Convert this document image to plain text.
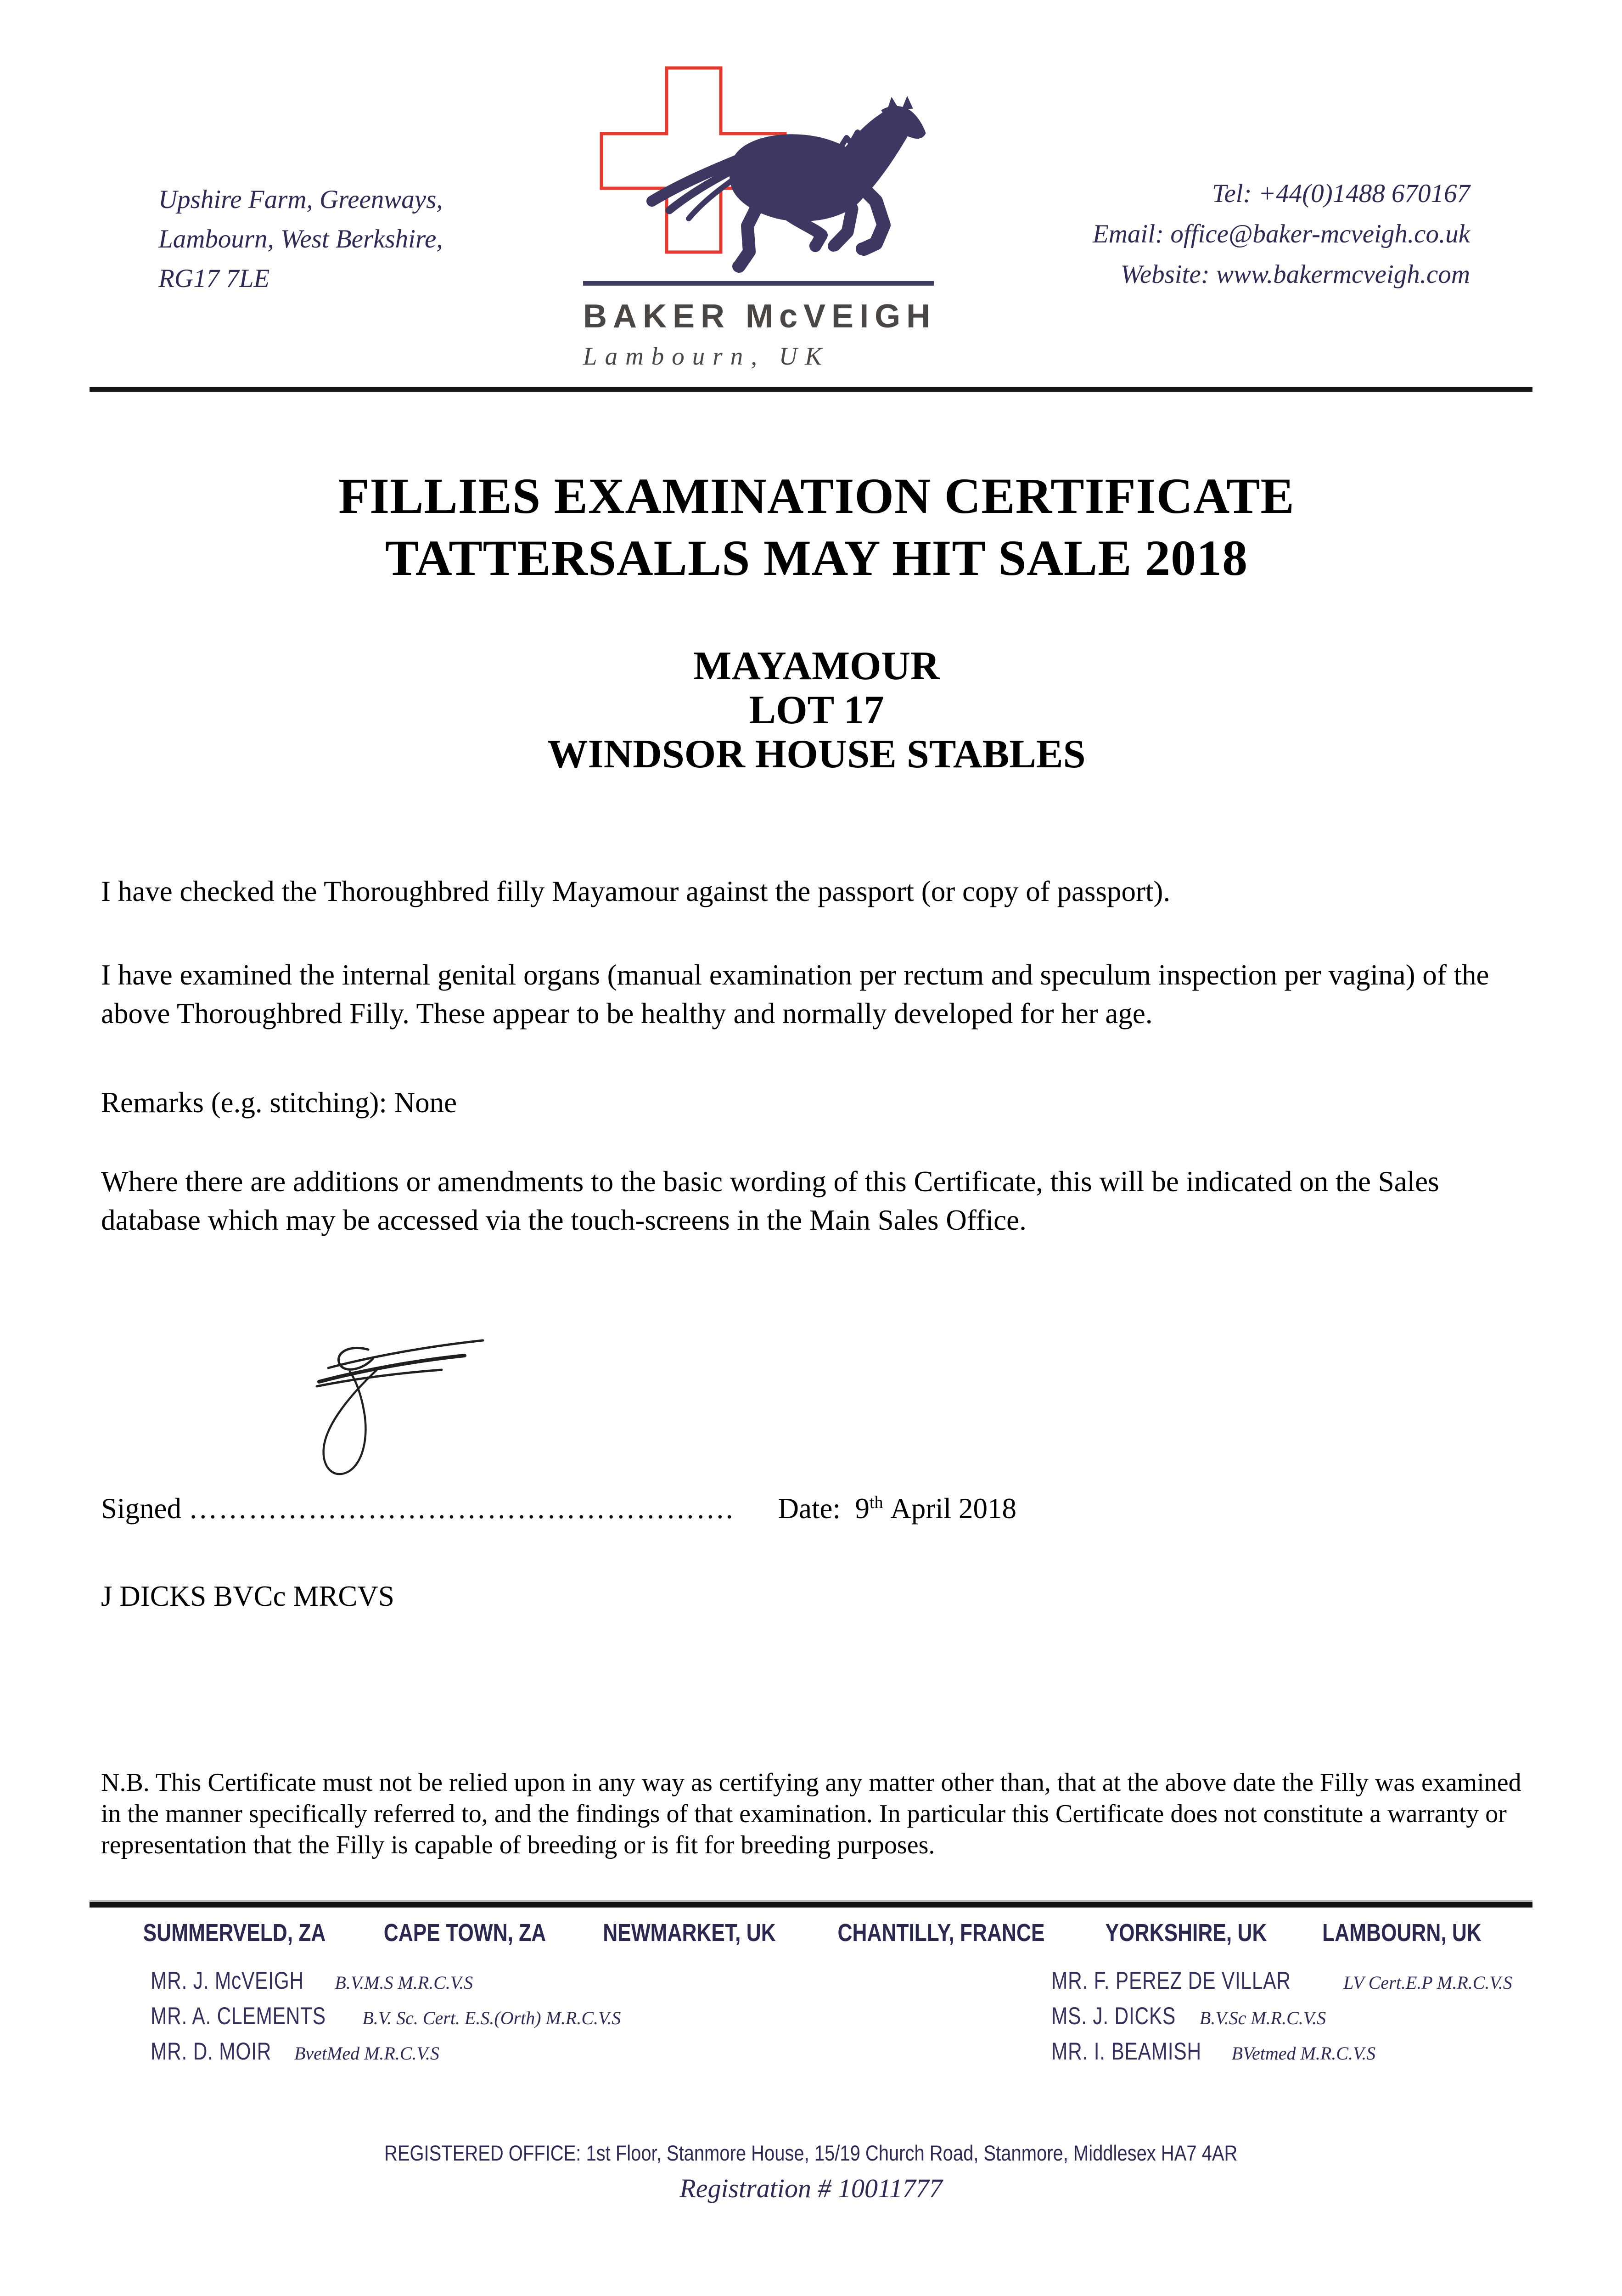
Upshire Farm, Greenways,
Lambourn, West Berkshire,
RG17 7LE
BAKER McVEIGH
Lambourn, UK
Tel: +44(0)1488 670167
Email: office@baker-mcveigh.co.uk
Website: www.bakermcveigh.com
FILLIES EXAMINATION CERTIFICATE
TATTERSALLS MAY HIT SALE 2018
MAYAMOUR
LOT 17
WINDSOR HOUSE STABLES

I have checked the Thoroughbred filly Mayamour against the passport (or copy of passport).

I have examined the internal genital organs (manual examination per rectum and speculum inspection per vagina) of the above Thoroughbred Filly. These appear to be healthy and normally developed for her age.

Remarks (e.g. stitching): None

Where there are additions or amendments to the basic wording of this Certificate, this will be indicated on the Sales database which may be accessed via the touch-screens in the Main Sales Office.

Signed ………………………………………………. Date: 9th April 2018
J DICKS BVCc MRCVS

N.B. This Certificate must not be relied upon in any way as certifying any matter other than, that at the above date the Filly was examined in the manner specifically referred to, and the findings of that examination. In particular this Certificate does not constitute a warranty or representation that the Filly is capable of breeding or is fit for breeding purposes.

SUMMERVELD, ZA CAPE TOWN, ZA NEWMARKET, UK CHANTILLY, FRANCE YORKSHIRE, UK LAMBOURN, UK
MR. J. McVEIGH B.V.M.S M.R.C.V.S
MR. A. CLEMENTS B.V. Sc. Cert. E.S.(Orth) M.R.C.V.S
MR. D. MOIR BvetMed M.R.C.V.S
MR. F. PEREZ DE VILLAR	LV Cert.E.P M.R.C.V.S
MS. J. DICKS B.V.Sc M.R.C.V.S
MR. I. BEAMISH BVetmed M.R.C.V.S
REGISTERED OFFICE: 1st Floor, Stanmore House, 15/19 Church Road, Stanmore, Middlesex HA7 4AR
Registration # 10011777
